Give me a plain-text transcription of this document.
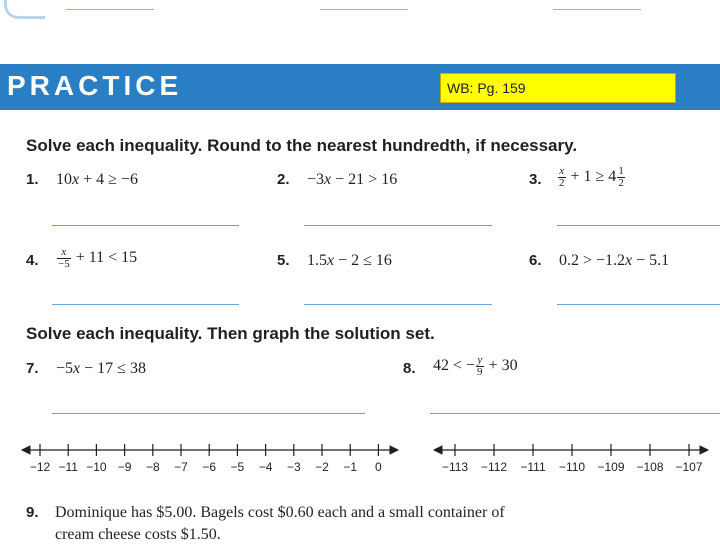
PRACTICE	WB: Pg. 159
Solve each inequality. Round to the nearest hundredth, if necessary.
1. 10x + 4 ≥ −6	2. −3x − 21 > 16	3. $\frac{x}{2} + 1 \ge 4 \frac{1}{2}$
4. $\frac{x}{-5} + 11 < 15$	5. 1.5x − 2 ≤ 16	6. 0.2 > −1.2x − 5.1
Solve each inequality. Then graph the solution set.
7. −5x − 17 ≤ 38	8. 42 < − $\frac{y}{9} + 30$
−12 −11 −10 −9 −8 −7 −6 −5 −4 −3 −2 −1 0	−113 −112 −111 −110 −109 −108 −107
9. Dominique has $5.00. Bagels cost $0.60 each and a small container of
cream cheese costs $1.50.
